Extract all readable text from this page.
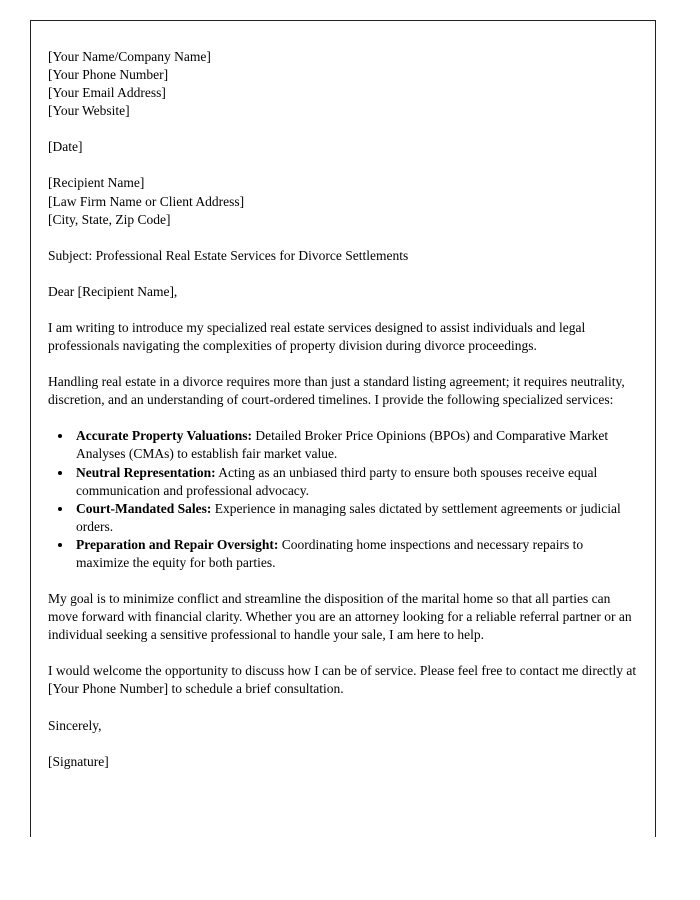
[Your Name/Company Name]
[Your Phone Number]
[Your Email Address]
[Your Website]
[Date]
[Recipient Name]
[Law Firm Name or Client Address]
[City, State, Zip Code]

Subject: Professional Real Estate Services for Divorce Settlements

Dear [Recipient Name],

I am writing to introduce my specialized real estate services designed to assist individuals and legal professionals navigating the complexities of property division during divorce proceedings.

Handling real estate in a divorce requires more than just a standard listing agreement; it requires neutrality, discretion, and an understanding of court-ordered timelines. I provide the following specialized services:

• Accurate Property Valuations: Detailed Broker Price Opinions (BPOs) and Comparative Market Analyses (CMAs) to establish fair market value.
• Neutral Representation: Acting as an unbiased third party to ensure both spouses receive equal communication and professional advocacy.
• Court-Mandated Sales: Experience in managing sales dictated by settlement agreements or judicial orders.
• Preparation and Repair Oversight: Coordinating home inspections and necessary repairs to maximize the equity for both parties.

My goal is to minimize conflict and streamline the disposition of the marital home so that all parties can move forward with financial clarity. Whether you are an attorney looking for a reliable referral partner or an individual seeking a sensitive professional to handle your sale, I am here to help.

I would welcome the opportunity to discuss how I can be of service. Please feel free to contact me directly at [Your Phone Number] to schedule a brief consultation.

Sincerely,

[Signature]
